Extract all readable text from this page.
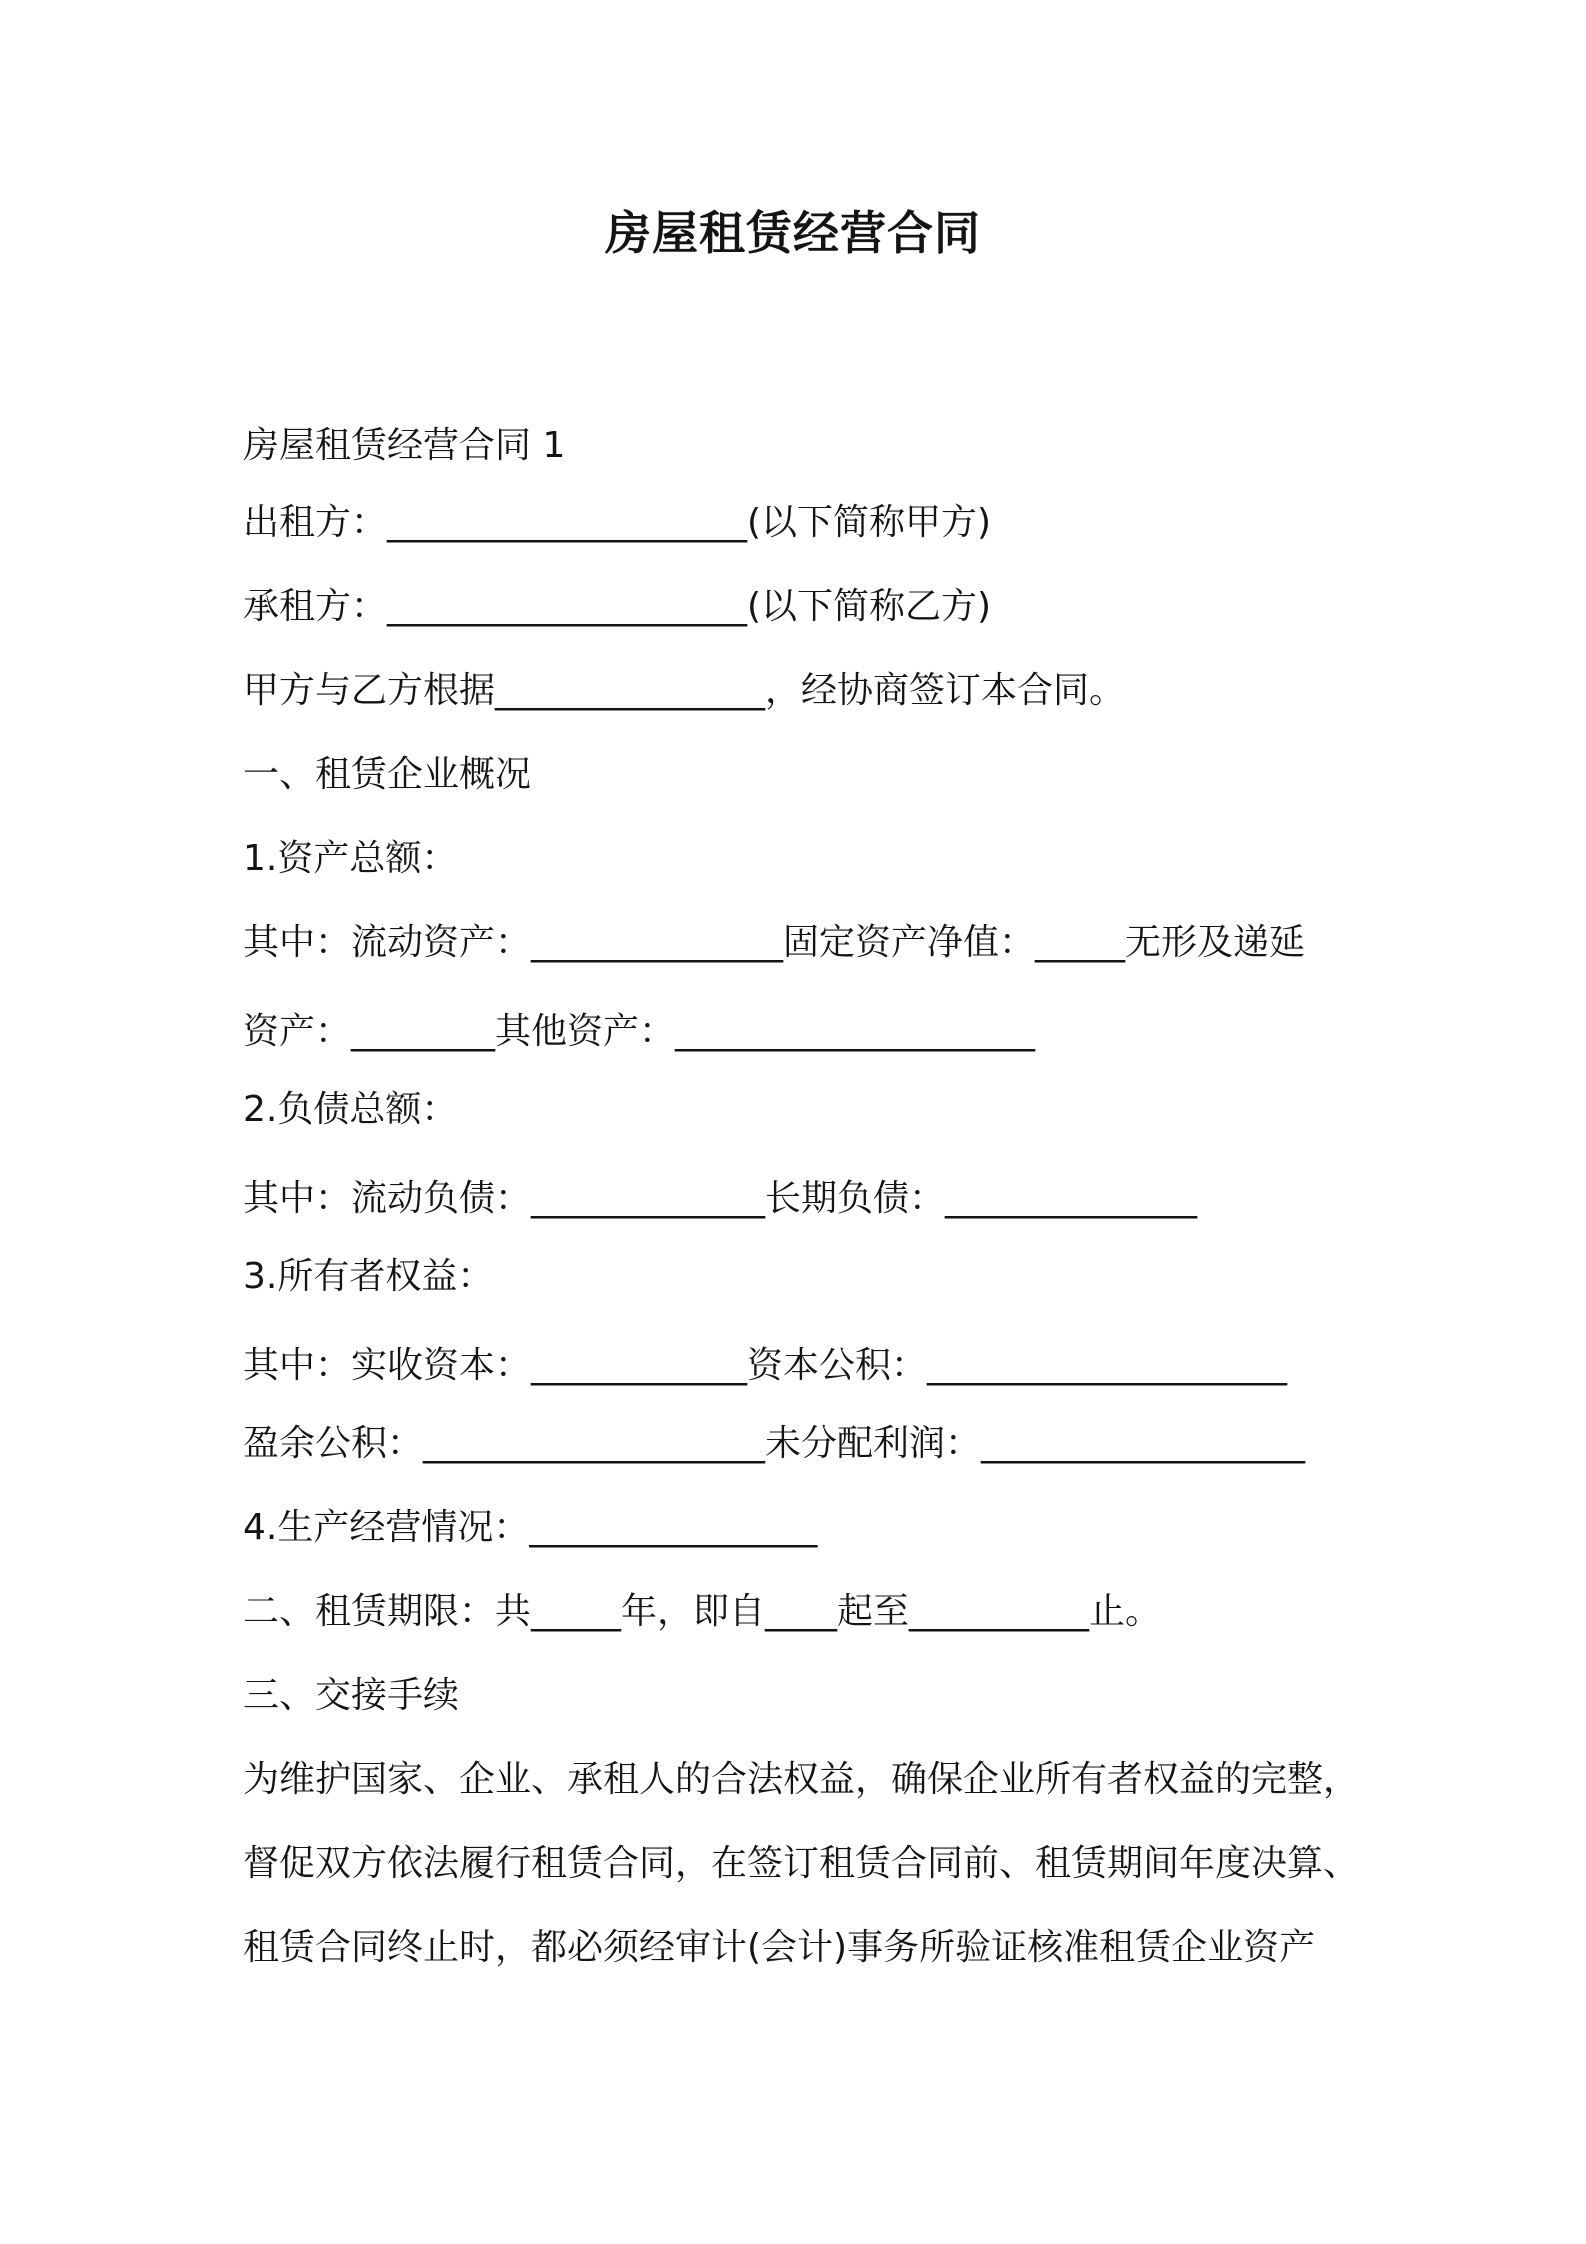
房屋租赁经营合同

房屋租赁经营合同 1

出租方：____________________(以下简称甲方)

承租方：____________________(以下简称乙方)

甲方与乙方根据_______________，经协商签订本合同。

一、租赁企业概况

1.资产总额：

其中：流动资产：______________固定资产净值：_____无形及递延

资产：________其他资产：____________________

2.负债总额：

其中：流动负债：_____________长期负债：______________

3.所有者权益：

其中：实收资本：____________资本公积：____________________

盈余公积：___________________未分配利润：__________________

4.生产经营情况：________________

二、租赁期限：共_____年，即自____起至__________止。

三、交接手续

为维护国家、企业、承租人的合法权益，确保企业所有者权益的完整，

督促双方依法履行租赁合同，在签订租赁合同前、租赁期间年度决算、

租赁合同终止时，都必须经审计(会计)事务所验证核准租赁企业资产
